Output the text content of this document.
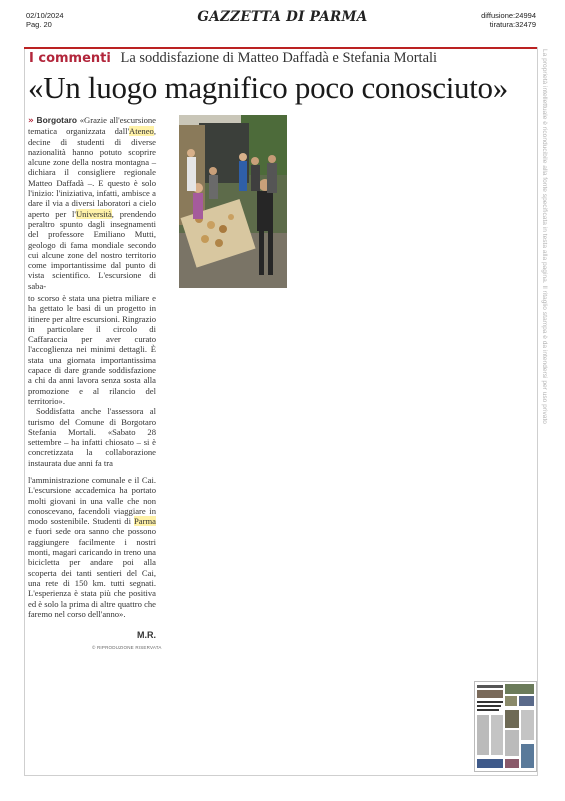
02/10/2024
Pag. 20	GAZZETTA DI PARMA	diffusione:24994
tiratura:32479
I commenti La soddisfazione di Matteo Daffadà e Stefania Mortali
«Un luogo magnifico poco conosciuto»
» Borgotaro «Grazie all'escursione tematica organizzata dall'Ateneo, decine di studenti di diverse nazionalità hanno potuto scoprire alcune zone della nostra montagna – dichiara il consigliere regionale Matteo Daffadà –. E questo è solo l'inizio: l'iniziativa, infatti, ambisce a dare il via a diversi laboratori a cielo aperto per l'Università, prendendo peraltro spunto dagli insegnamenti del professore Emiliano Mutti, geologo di fama mondiale secondo cui alcune zone del nostro territorio come importantissime dal punto di vista scientifico. L'escursione di saba-
to scorso è stata una pietra miliare e ha gettato le basi di un progetto in itinere per altre escursioni. Ringrazio in particolare il circolo di Caffaraccia per aver curato l'accoglienza nei minimi dettagli. È stata una giornata importantissima capace di dare grande soddisfazione a chi da anni lavora senza sosta alla promozione e al rilancio del territorio».
Soddisfatta anche l'assessora al turismo del Comune di Borgotaro Stefania Mortali. «Sabato 28 settembre – ha infatti chiosato – si è concretizzata la collaborazione instaurata due anni fa tra
l'amministrazione comunale e il Cai. L'escursione accademica ha portato molti giovani in una valle che non conoscevano, facendoli viaggiare in modo sostenibile. Studenti di Parma e fuori sede ora sanno che possono raggiungere facilmente i nostri monti, magari caricando in treno una bicicletta per andare poi alla scoperta dei tanti sentieri del Cai, una rete di 150 km. tutti segnati. L'esperienza è stata più che positiva ed è solo la prima di altre quattro che faremo nel corso dell'anno».
M.R.
© RIPRODUZIONE RISERVATA
La proprietà intellettuale è riconducibile alla fonte specificata in testa alla pagina. Il ritaglio stampa è da intendersi per uso privato
